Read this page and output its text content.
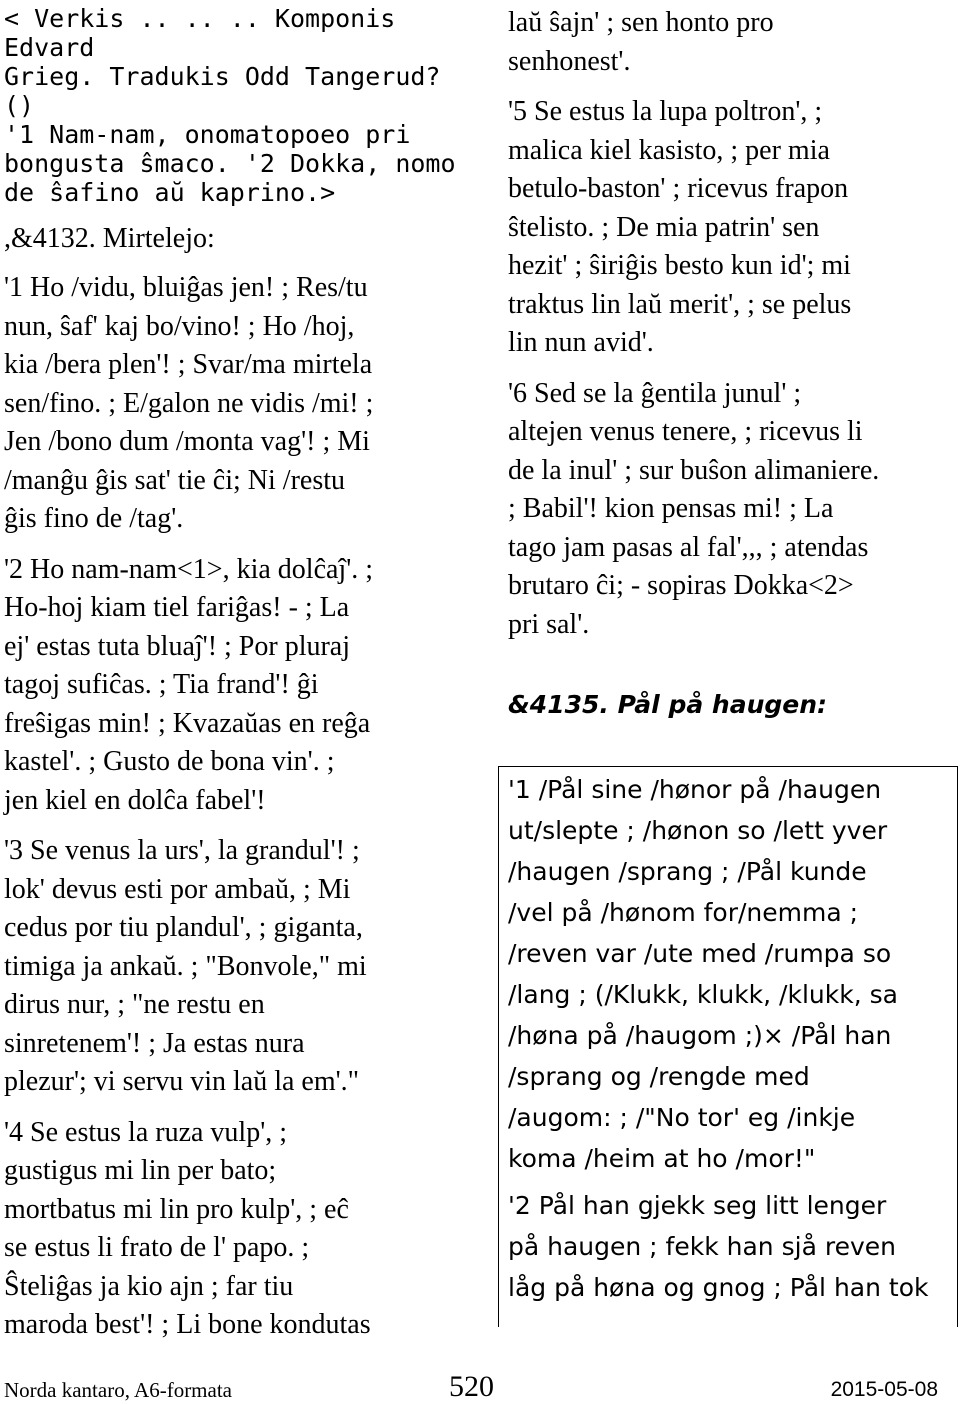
< Verkis .. .. .. Komponis Edvard
Grieg. Tradukis Odd Tangerud? ()
'1 Nam-nam, onomatopoeo pri
bongusta ŝmaco. '2 Dokka, nomo
de ŝafino aŭ kaprino.>

,&4132. Mirtelejo:

'1 Ho /vidu, bluiĝas jen! ; Res/tu
nun, ŝaf' kaj bo/vino! ; Ho /hoj,
kia /bera plen'! ; Svar/ma mirtela
sen/fino. ; E/galon ne vidis /mi! ;
Jen /bono dum /monta vag'! ; Mi
/manĝu ĝis sat' tie ĉi; Ni /restu
ĝis fino de /tag'.

'2 Ho nam-nam<1>, kia dolĉaĵ'. ;
Ho-hoj kiam tiel fariĝas! - ; La
ej' estas tuta bluaĵ'! ; Por pluraj
tagoj sufiĉas. ; Tia frand'! ĝi
freŝigas min! ; Kvazaŭas en reĝa
kastel'. ; Gusto de bona vin'. ;
jen kiel en dolĉa fabel'!

'3 Se venus la urs', la grandul'! ;
lok' devus esti por ambaŭ, ; Mi
cedus por tiu plandul', ; giganta,
timiga ja ankaŭ. ; "Bonvole," mi
dirus nur, ; "ne restu en
sinretenem'! ; Ja estas nura
plezur'; vi servu vin laŭ la em'."

'4 Se estus la ruza vulp', ;
gustigus mi lin per bato;
mortbatus mi lin pro kulp', ; eĉ
se estus li frato de l' papo. ;
Ŝteliĝas ja kio ajn ; far tiu
maroda best'! ; Li bone kondutas

laŭ ŝajn' ; sen honto pro
senhonest'.

'5 Se estus la lupa poltron', ;
malica kiel kasisto, ; per mia
betulo-baston' ; ricevus frapon
ŝtelisto. ; De mia patrin' sen
hezit' ; ŝiriĝis besto kun id'; mi
traktus lin laŭ merit', ; se pelus
lin nun avid'.

'6 Sed se la ĝentila junul' ;
altejen venus tenere, ; ricevus li
de la inul' ; sur buŝon alimaniere.
; Babil'! kion pensas mi! ; La
tago jam pasas al fal',,, ; atendas
brutaro ĉi; - sopiras Dokka<2>
pri sal'.

&4135. Pål på haugen:

'1 /Pål sine /hønor på /haugen
ut/slepte ; /hønon so /lett yver
/haugen /sprang ; /Pål kunde
/vel på /hønom for/nemma ;
/reven var /ute med /rumpa so
/lang ; (/Klukk, klukk, /klukk, sa
/høna på /haugom ;)× /Pål han
/sprang og /rengde med
/augom: ; /"No tor' eg /inkje
koma /heim at ho /mor!"

'2 Pål han gjekk seg litt lenger
på haugen ; fekk han sjå reven
låg på høna og gnog ; Pål han tok

Norda kantaro, A6-formata	520	2015-05-08
